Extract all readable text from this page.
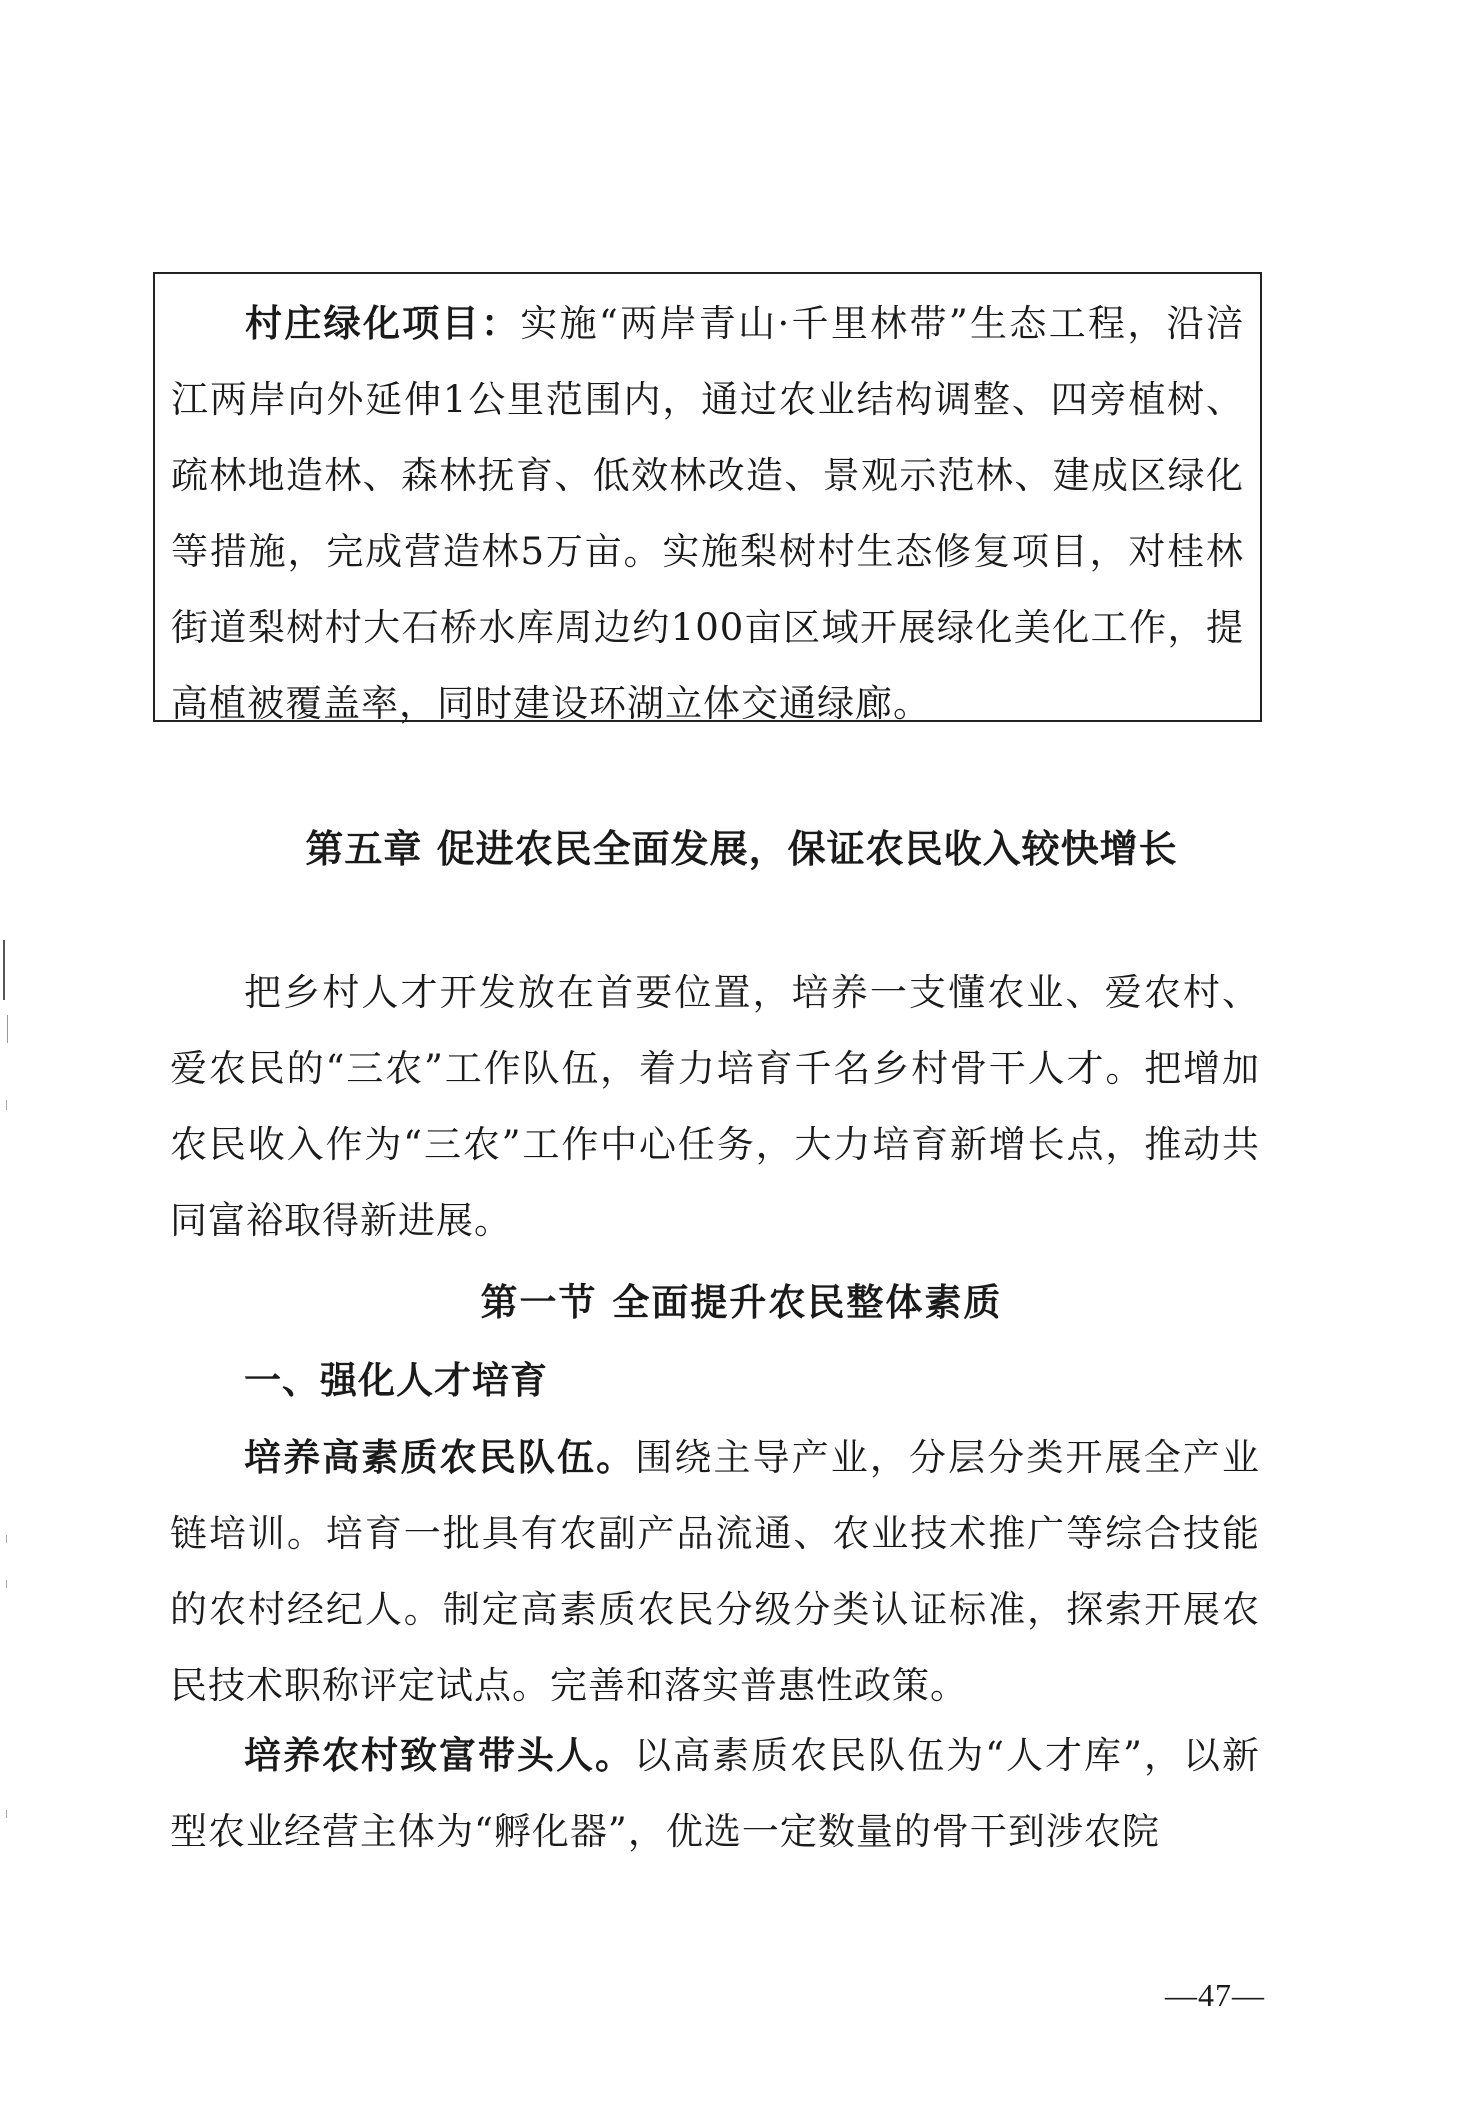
村庄绿化项目：实施“两岸青山·千里林带”生态工程，沿涪江两岸向外延伸1公里范围内，通过农业结构调整、四旁植树、疏林地造林、森林抚育、低效林改造、景观示范林、建成区绿化等措施，完成营造林5万亩。实施梨树村生态修复项目，对桂林街道梨树村大石桥水库周边约100亩区域开展绿化美化工作，提高植被覆盖率，同时建设环湖立体交通绿廊。

第五章 促进农民全面发展，保证农民收入较快增长

把乡村人才开发放在首要位置，培养一支懂农业、爱农村、爱农民的“三农”工作队伍，着力培育千名乡村骨干人才。把增加农民收入作为“三农”工作中心任务，大力培育新增长点，推动共同富裕取得新进展。

第一节 全面提升农民整体素质
一、强化人才培育

培养高素质农民队伍。围绕主导产业，分层分类开展全产业链培训。培育一批具有农副产品流通、农业技术推广等综合技能的农村经纪人。制定高素质农民分级分类认证标准，探索开展农民技术职称评定试点。完善和落实普惠性政策。

培养农村致富带头人。以高素质农民队伍为“人才库”，以新型农业经营主体为“孵化器”，优选一定数量的骨干到涉农院

—47—
